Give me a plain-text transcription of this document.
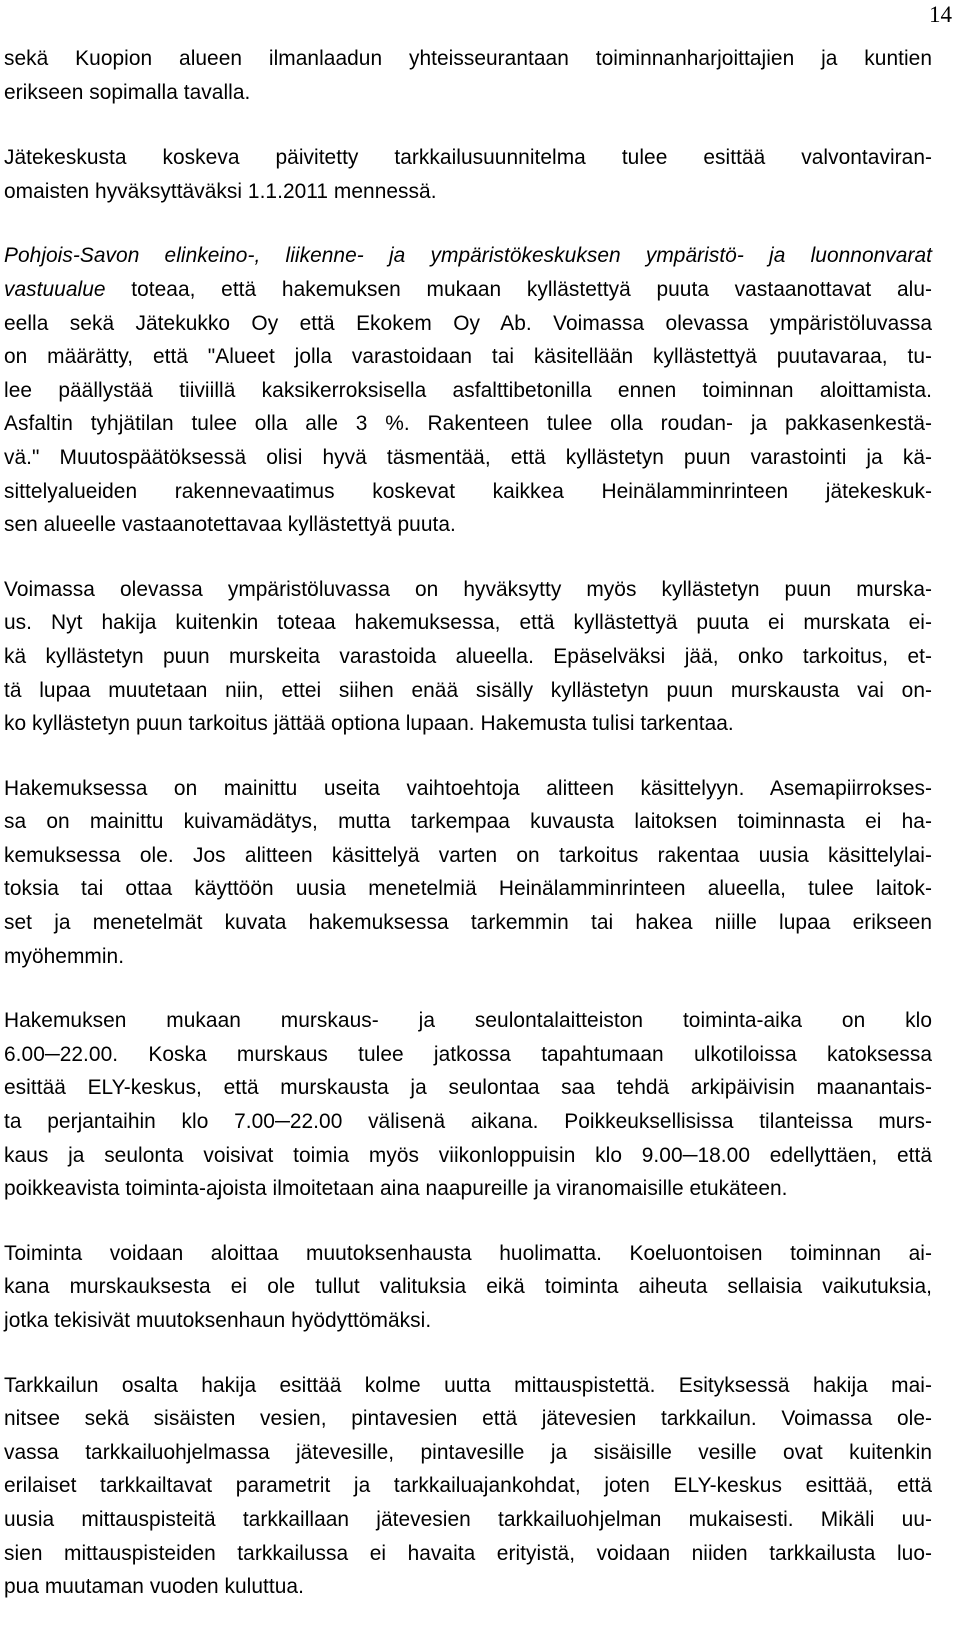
14

sekä Kuopion alueen ilmanlaadun yhteisseurantaan toiminnanharjoittajien ja kuntien
erikseen sopimalla tavalla.

Jätekeskusta koskeva päivitetty tarkkailusuunnitelma tulee esittää valvontaviran-
omaisten hyväksyttäväksi 1.1.2011 mennessä.

Pohjois-Savon elinkeino-, liikenne- ja ympäristökeskuksen ympäristö- ja luonnonvarat
vastuualue toteaa, että hakemuksen mukaan kyllästettyä puuta vastaanottavat alu-
eella sekä Jätekukko Oy että Ekokem Oy Ab. Voimassa olevassa ympäristöluvassa
on määrätty, että "Alueet jolla varastoidaan tai käsitellään kyllästettyä puutavaraa, tu-
lee päällystää tiiviillä kaksikerroksisella asfalttibetonilla ennen toiminnan aloittamista.
Asfaltin tyhjätilan tulee olla alle 3 %. Rakenteen tulee olla roudan- ja pakkasenkestä-
vä." Muutospäätöksessä olisi hyvä täsmentää, että kyllästetyn puun varastointi ja kä-
sittelyalueiden rakennevaatimus koskevat kaikkea Heinälamminrinteen jätekeskuk-
sen alueelle vastaanotettavaa kyllästettyä puuta.

Voimassa olevassa ympäristöluvassa on hyväksytty myös kyllästetyn puun murska-
us. Nyt hakija kuitenkin toteaa hakemuksessa, että kyllästettyä puuta ei murskata ei-
kä kyllästetyn puun murskeita varastoida alueella. Epäselväksi jää, onko tarkoitus, et-
tä lupaa muutetaan niin, ettei siihen enää sisälly kyllästetyn puun murskausta vai on-
ko kyllästetyn puun tarkoitus jättää optiona lupaan. Hakemusta tulisi tarkentaa.

Hakemuksessa on mainittu useita vaihtoehtoja alitteen käsittelyyn. Asemapiirrokses-
sa on mainittu kuivamädätys, mutta tarkempaa kuvausta laitoksen toiminnasta ei ha-
kemuksessa ole. Jos alitteen käsittelyä varten on tarkoitus rakentaa uusia käsittelylai-
toksia tai ottaa käyttöön uusia menetelmiä Heinälamminrinteen alueella, tulee laitok-
set ja menetelmät kuvata hakemuksessa tarkemmin tai hakea niille lupaa erikseen
myöhemmin.

Hakemuksen mukaan murskaus- ja seulontalaitteiston toiminta-aika on klo
6.00─22.00. Koska murskaus tulee jatkossa tapahtumaan ulkotiloissa katoksessa
esittää ELY-keskus, että murskausta ja seulontaa saa tehdä arkipäivisin maanantais-
ta perjantaihin klo 7.00─22.00 välisenä aikana. Poikkeuksellisissa tilanteissa murs-
kaus ja seulonta voisivat toimia myös viikonloppuisin klo 9.00─18.00 edellyttäen, että
poikkeavista toiminta-ajoista ilmoitetaan aina naapureille ja viranomaisille etukäteen.

Toiminta voidaan aloittaa muutoksenhausta huolimatta. Koeluontoisen toiminnan ai-
kana murskauksesta ei ole tullut valituksia eikä toiminta aiheuta sellaisia vaikutuksia,
jotka tekisivät muutoksenhaun hyödyttömäksi.

Tarkkailun osalta hakija esittää kolme uutta mittauspistettä. Esityksessä hakija mai-
nitsee sekä sisäisten vesien, pintavesien että jätevesien tarkkailun. Voimassa ole-
vassa tarkkailuohjelmassa jätevesille, pintavesille ja sisäisille vesille ovat kuitenkin
erilaiset tarkkailtavat parametrit ja tarkkailuajankohdat, joten ELY-keskus esittää, että
uusia mittauspisteitä tarkkaillaan jätevesien tarkkailuohjelman mukaisesti. Mikäli uu-
sien mittauspisteiden tarkkailussa ei havaita erityistä, voidaan niiden tarkkailusta luo-
pua muutaman vuoden kuluttua.
